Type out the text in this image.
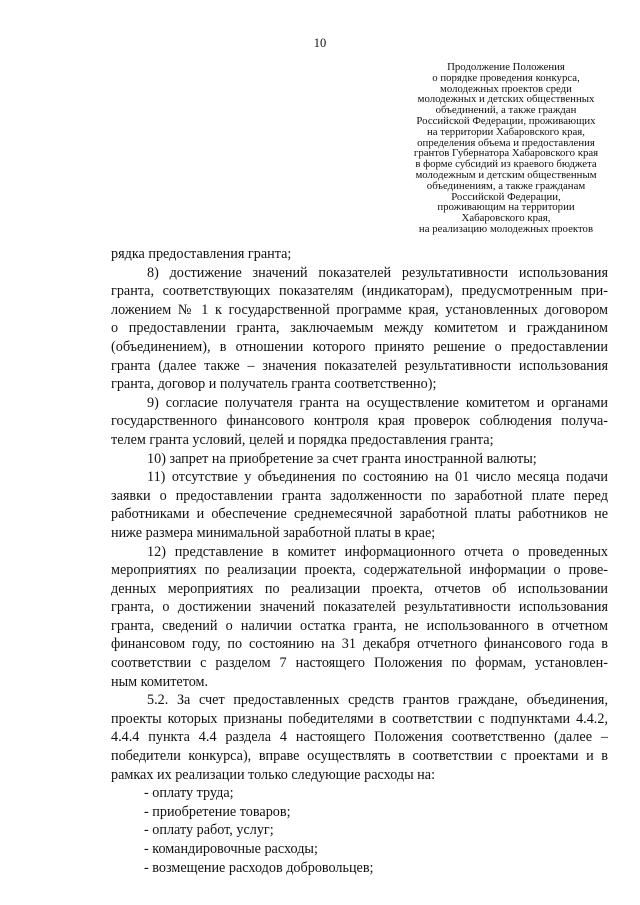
10
Продолжение Положения
о порядке проведения конкурса,
молодежных проектов среди
молодежных и детских общественных
объединений, а также граждан
Российской Федерации, проживающих
на территории Хабаровского края,
определения объема и предоставления
грантов Губернатора Хабаровского края
в форме субсидий из краевого бюджета
молодежным и детским общественным
объединениям, а также гражданам
Российской Федерации,
проживающим на территории
Хабаровского края,
на реализацию молодежных проектов
рядка предоставления гранта;
8) достижение значений показателей результативности использования
гранта, соответствующих показателям (индикаторам), предусмотренным при-
ложением № 1 к государственной программе края, установленных договором
о предоставлении гранта, заключаемым между комитетом и гражданином
(объединением), в отношении которого принято решение о предоставлении
гранта (далее также – значения показателей результативности использования
гранта, договор и получатель гранта соответственно);
9) согласие получателя гранта на осуществление комитетом и органами
государственного финансового контроля края проверок соблюдения получа-
телем гранта условий, целей и порядка предоставления гранта;
10) запрет на приобретение за счет гранта иностранной валюты;
11) отсутствие у объединения по состоянию на 01 число месяца подачи
заявки о предоставлении гранта задолженности по заработной плате перед
работниками и обеспечение среднемесячной заработной платы работников не
ниже размера минимальной заработной платы в крае;
12) представление в комитет информационного отчета о проведенных
мероприятиях по реализации проекта, содержательной информации о прове-
денных мероприятиях по реализации проекта, отчетов об использовании
гранта, о достижении значений показателей результативности использования
гранта, сведений о наличии остатка гранта, не использованного в отчетном
финансовом году, по состоянию на 31 декабря отчетного финансового года в
соответствии с разделом 7 настоящего Положения по формам, установлен-
ным комитетом.
5.2. За счет предоставленных средств грантов граждане, объединения,
проекты которых признаны победителями в соответствии с подпунктами 4.4.2,
4.4.4 пункта 4.4 раздела 4 настоящего Положения соответственно (далее –
победители конкурса), вправе осуществлять в соответствии с проектами и в
рамках их реализации только следующие расходы на:
- оплату труда;
- приобретение товаров;
- оплату работ, услуг;
- командировочные расходы;
- возмещение расходов добровольцев;
